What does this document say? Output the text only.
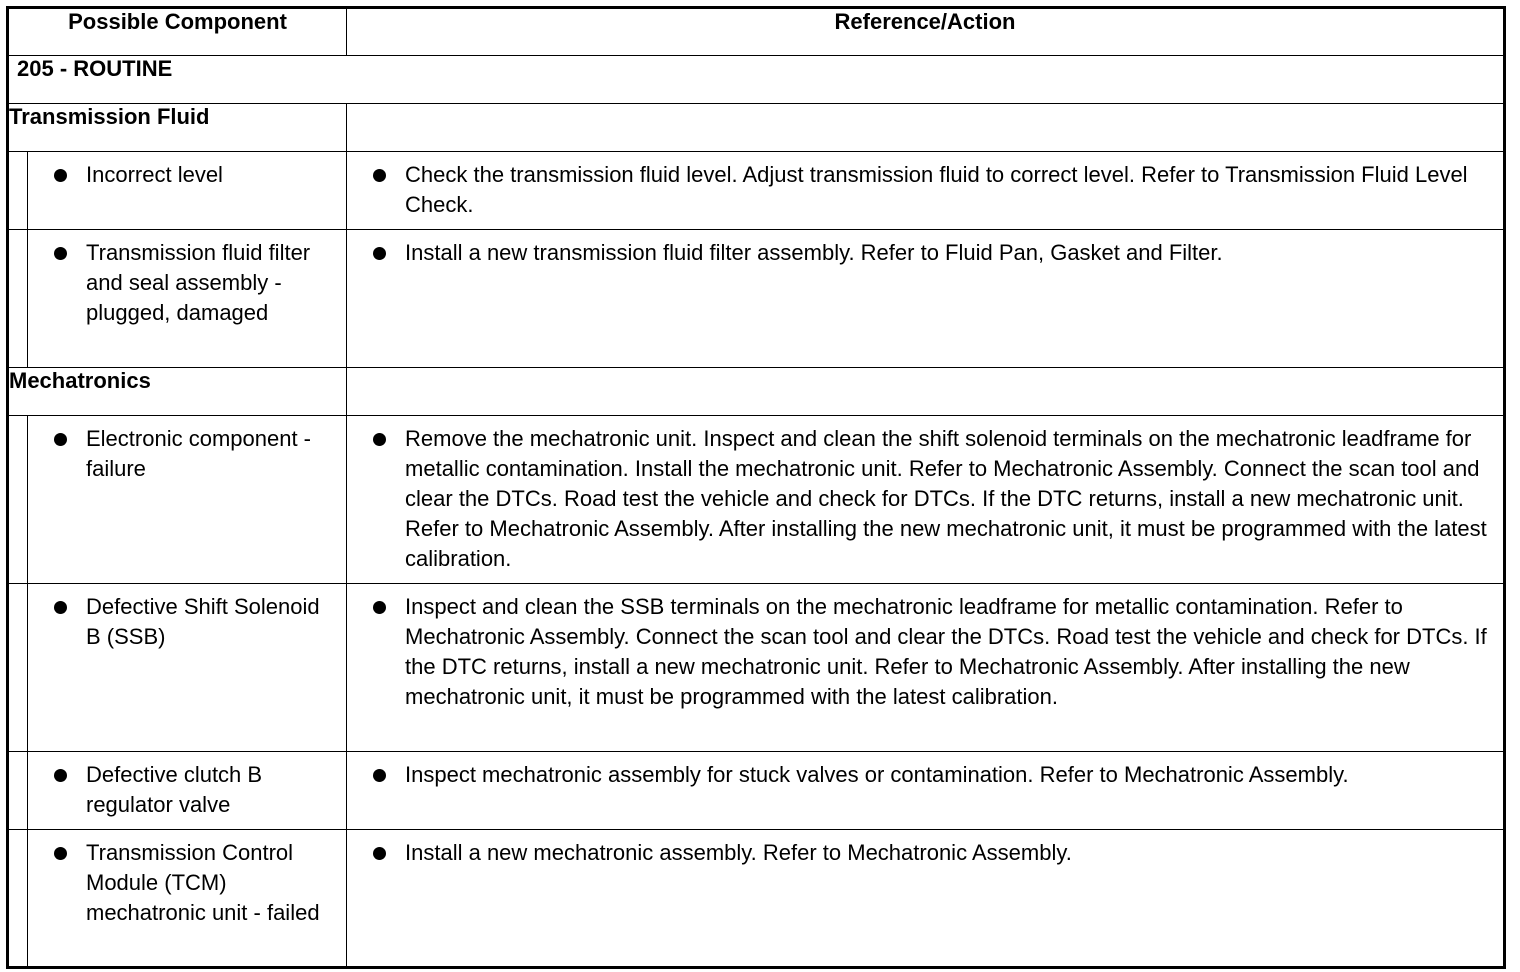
Possible Component		Reference/Action
205 - ROUTINE		
Transmission Fluid		

Incorrect level	Check the transmission fluid level. Adjust transmission fluid to correct level. Refer to Transmission Fluid Level Check.

Transmission fluid filter and seal assembly - plugged, damaged	Install a new transmission fluid filter assembly. Refer to Fluid Pan, Gasket and Filter.
Mechatronics		

Electronic component - failure	Remove the mechatronic unit. Inspect and clean the shift solenoid terminals on the mechatronic leadframe for metallic contamination. Install the mechatronic unit. Refer to Mechatronic Assembly. Connect the scan tool and clear the DTCs. Road test the vehicle and check for DTCs. If the DTC returns, install a new mechatronic unit. Refer to Mechatronic Assembly. After installing the new mechatronic unit, it must be programmed with the latest calibration.

Defective Shift Solenoid B (SSB)	Inspect and clean the SSB terminals on the mechatronic leadframe for metallic contamination. Refer to Mechatronic Assembly. Connect the scan tool and clear the DTCs. Road test the vehicle and check for DTCs. If the DTC returns, install a new mechatronic unit. Refer to Mechatronic Assembly. After installing the new mechatronic unit, it must be programmed with the latest calibration.

Defective clutch B regulator valve	Inspect mechatronic assembly for stuck valves or contamination. Refer to Mechatronic Assembly.

Transmission Control Module (TCM) mechatronic unit - failed	Install a new mechatronic assembly. Refer to Mechatronic Assembly.
